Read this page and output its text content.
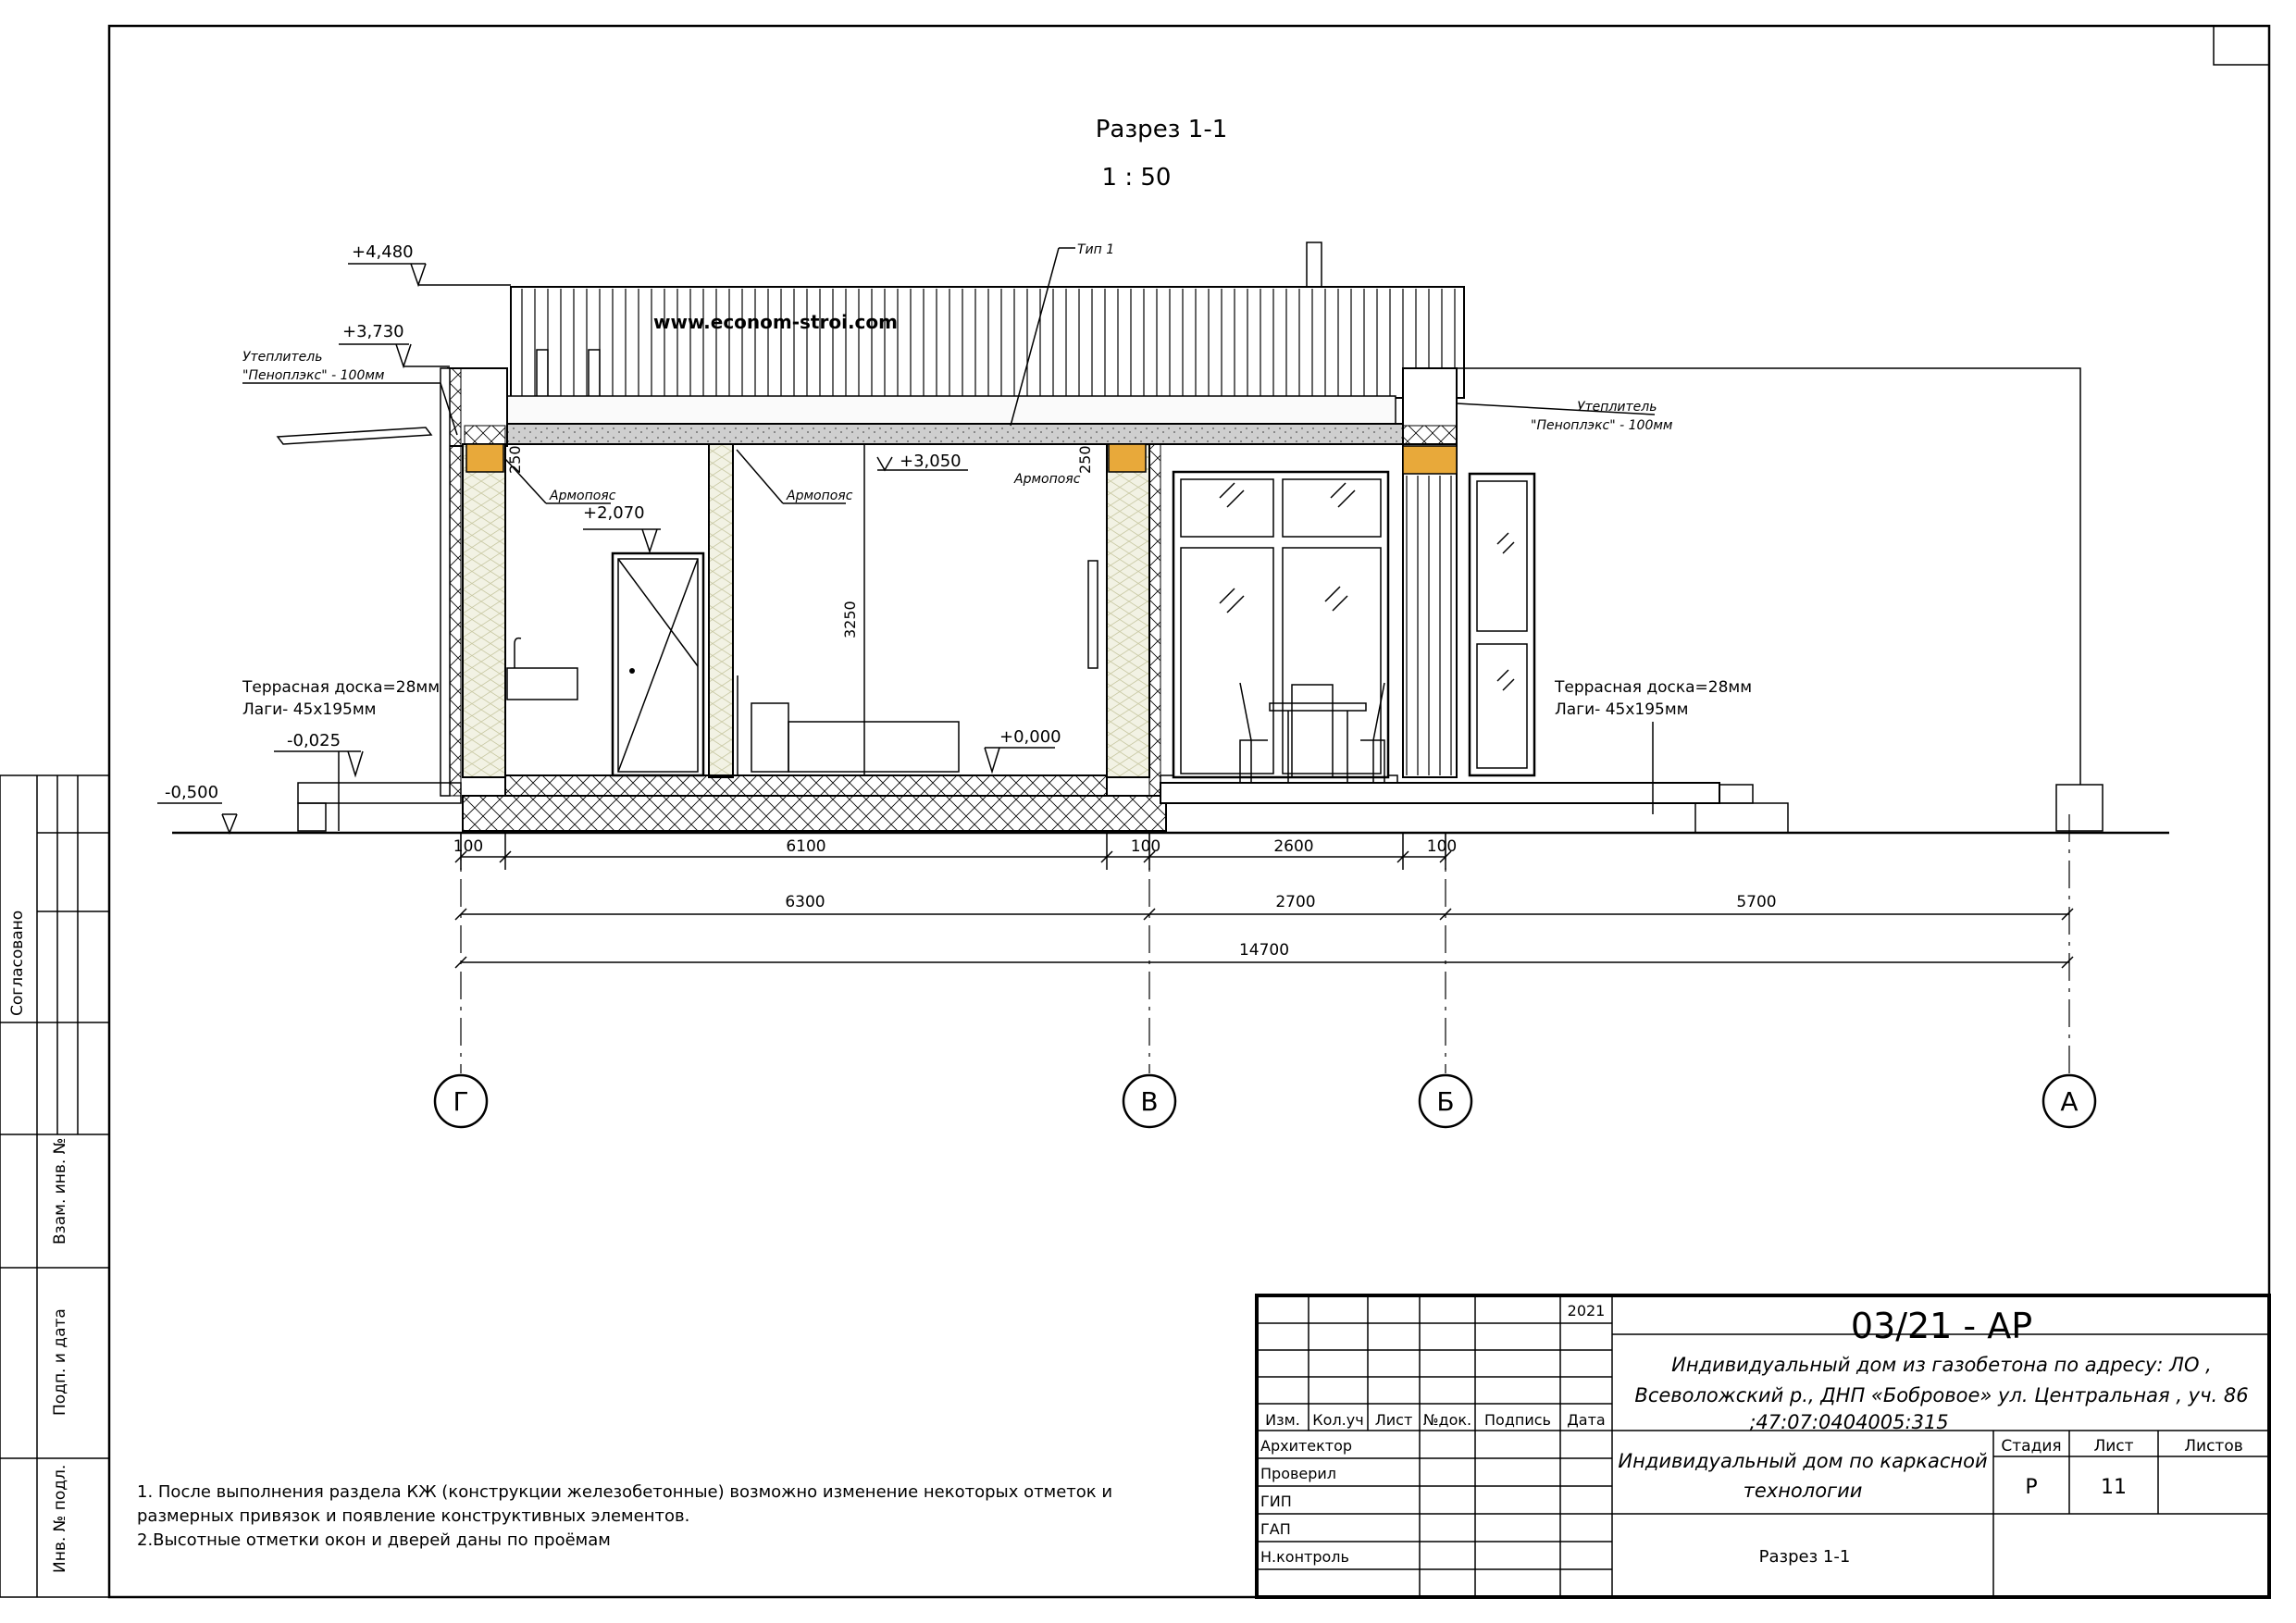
Согласовано
Взам. инв. №
Подп. и дата
Инв. № подл.
Разрез 1-1
1 : 50
www.econom-stroi.com
+4,480
+3,730
+3,050
+2,070
+0,000
-0,025
-0,500
Утеплитель
"Пеноплэкс" - 100мм
Утеплитель
"Пеноплэкс" - 100мм
Тип 1
Армопояс	Армопояс
Армопояс
250	250
3250
Террасная доска=28мм
Лаги- 45х195мм
Террасная доска=28мм
Лаги- 45х195мм
100	6100	100	2600	100
6300	2700	5700
14700
Г	В	Б	А
1. После выполнения раздела КЖ (конструкции железобетонные) возможно изменение некоторых отметок и
размерных привязок и появление конструктивных элементов.
2.Высотные отметки окон и дверей даны по проёмам
2021	03/21 - АР
Индивидуальный дом из газобетона по адресу: ЛО ,
Всеволожский р., ДНП «Бобровое» ул. Центральная , уч. 86
;47:07:0404005:315
Изм. Кол.уч Лист №док. Подпись Дата
Архитектор
Проверил
ГИП
ГАП
Н.контроль
Индивидуальный дом по каркасной
технологии
Стадия Лист	Листов
Р	11
Разрез 1-1
